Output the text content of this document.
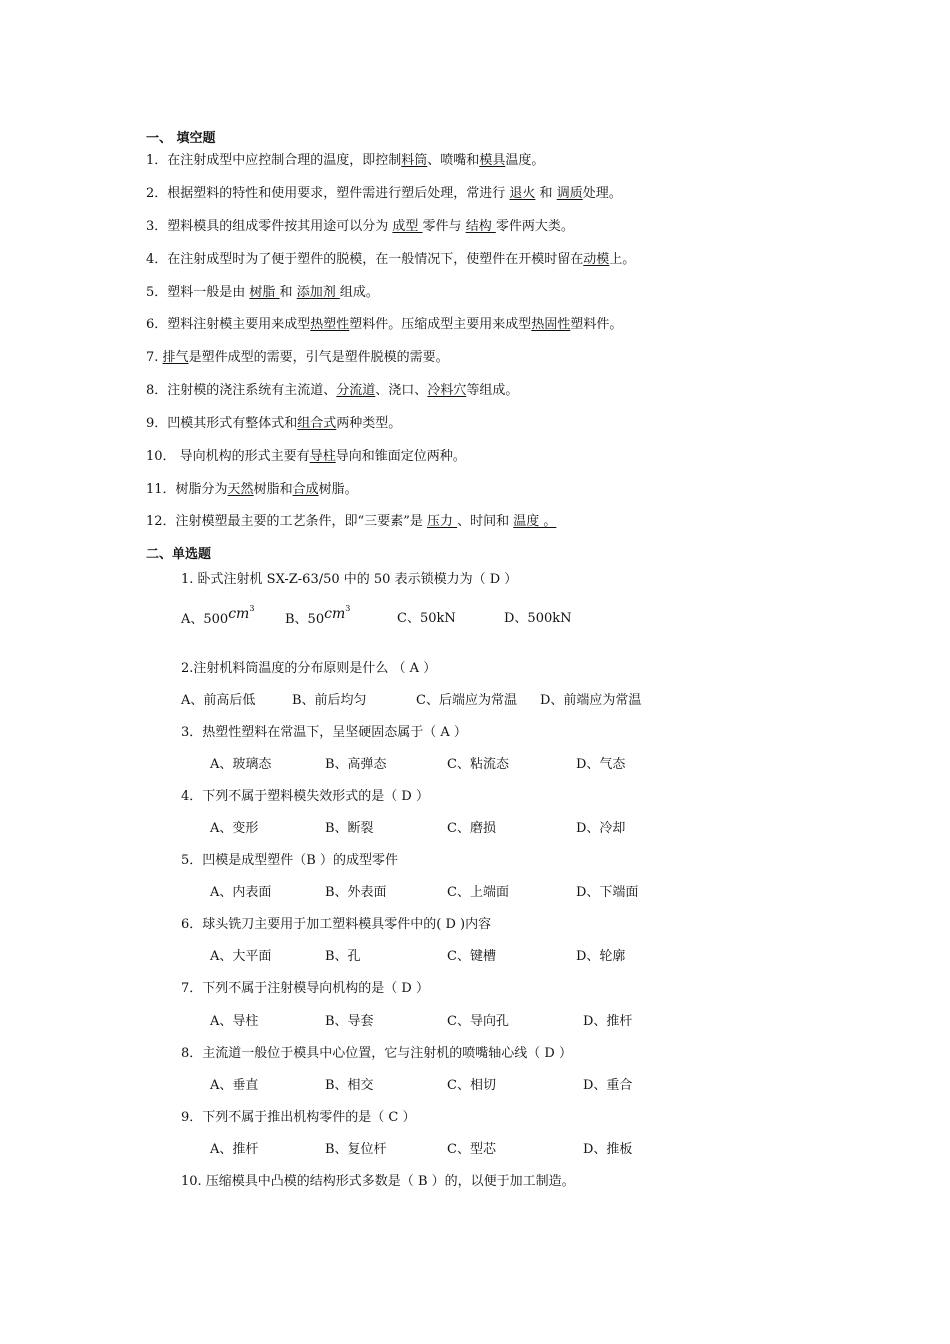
一、 填空题
1．在注射成型中应控制合理的温度，即控制料筒、喷嘴和模具温度。
2．根据塑料的特性和使用要求，塑件需进行塑后处理，常进行 退火 和 调质处理。
3．塑料模具的组成零件按其用途可以分为 成型 零件与 结构 零件两大类。
4．在注射成型时为了便于塑件的脱模，在一般情况下，使塑件在开模时留在动模上。
5．塑料一般是由 树脂 和 添加剂 组成。
6．塑料注射模主要用来成型热塑性塑料件。压缩成型主要用来成型热固性塑料件。
7. 排气是塑件成型的需要，引气是塑件脱模的需要。
8．注射模的浇注系统有主流道、分流道、浇口、冷料穴等组成。
9．凹模其形式有整体式和组合式两种类型。
10． 导向机构的形式主要有导柱导向和锥面定位两种。
11．树脂分为天然树脂和合成树脂。
12．注射模塑最主要的工艺条件，即“三要素”是 压力 、时间和 温度 。
二、单选题
1. 卧式注射机 SX-Z-63/50 中的 50 表示锁模力为（ D ）
A、$500cm^3$
B、$50cm^3$
C、50kN	D、500kN
2.注射机料筒温度的分布原则是什么 （ A ）
A、前高后低	B、前后均匀	C、后端应为常温 D、前端应为常温
3．热塑性塑料在常温下，呈坚硬固态属于（ A ）
A、玻璃态	B、高弹态	C、粘流态	D、气态
4．下列不属于塑料模失效形式的是（ D ）
A、变形	B、断裂	C、磨损	D、冷却
5．凹模是成型塑件（B ）的成型零件
A、内表面	B、外表面	C、上端面	D、下端面
6．球头铣刀主要用于加工塑料模具零件中的( D )内容
A、大平面	B、孔	C、键槽	D、轮廓
7．下列不属于注射模导向机构的是（ D ）
A、导柱	B、导套	C、导向孔	D、推杆
8．主流道一般位于模具中心位置，它与注射机的喷嘴轴心线（ D ）
A、垂直	B、相交	C、相切	D、重合
9．下列不属于推出机构零件的是（ C ）
A、推杆	B、复位杆	C、型芯	D、推板
10. 压缩模具中凸模的结构形式多数是（ B ）的，以便于加工制造。
